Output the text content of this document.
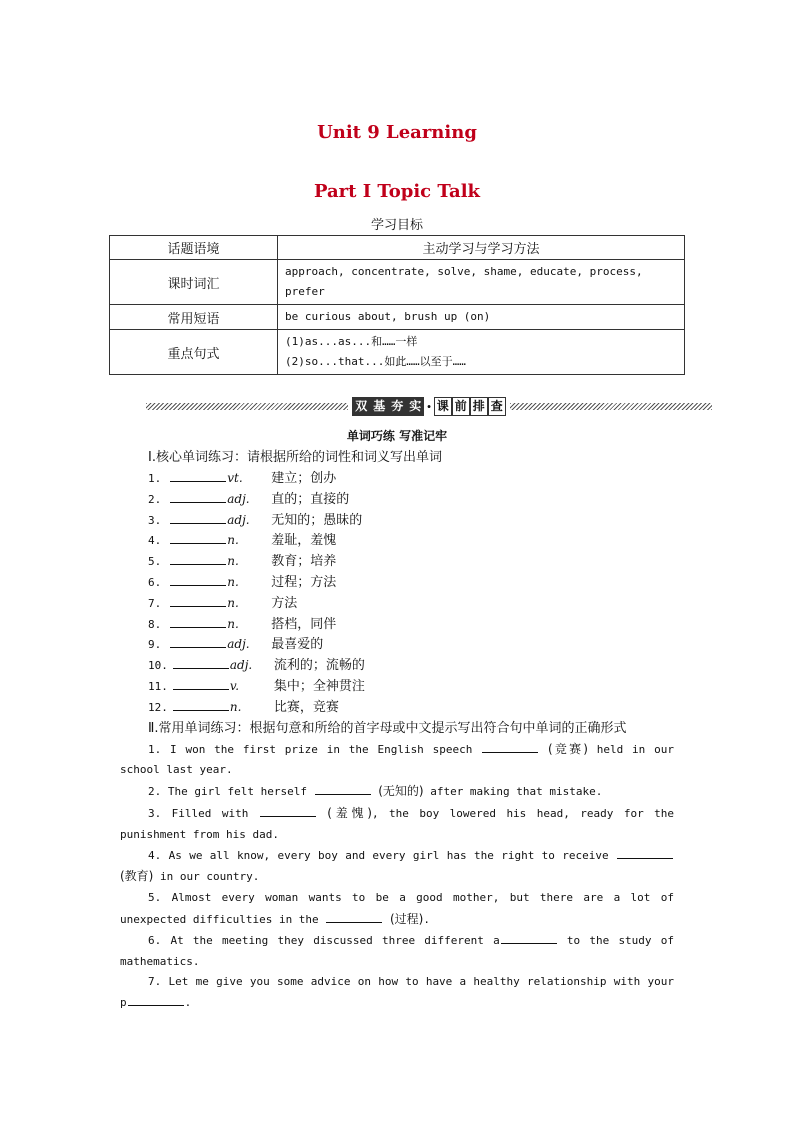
Unit 9 Learning
Part Ⅰ Topic Talk
学习目标
话题语境	主动学习与学习方法
课时词汇	approach, concentrate, solve, shame, educate, process, prefer
常用短语	be curious about, brush up (on)
重点句式	(1)as...as...和……一样
(2)so...that...如此……以至于……
双 基 夯 实 · 课 前 排 查
单词巧练 写准记牢
Ⅰ.核心单词练习：请根据所给的词性和词义写出单词
1.	vt.	建立；创办
2.	adj.	直的；直接的
3.	adj.	无知的；愚昧的
4.	n.	羞耻，羞愧
5.	n.	教育；培养
6.	n.	过程；方法
7.	n.	方法
8.	n.	搭档，同伴
9.	adj.	最喜爱的
10.	adj.	流利的；流畅的
11.	v.	集中；全神贯注
12.	n.	比赛，竞赛
Ⅱ.常用单词练习：根据句意和所给的首字母或中文提示写出符合句中单词的正确形式

1. I won the first prize in the English speech	(竞赛) held in our school last year.

2. The girl felt herself	(无知的) after making that mistake.

3. Filled with	(羞愧), the boy lowered his head, ready for the punishment from his dad.

4. As we all know, every boy and every girl has the right to receive  (教育) in our country.

5. Almost every woman wants to be a good mother, but there are a lot of unexpected difficulties in the	(过程).

6. At the meeting they discussed three different a	to the study of mathematics.

7. Let me give you some advice on how to have a healthy relationship with your p	.
